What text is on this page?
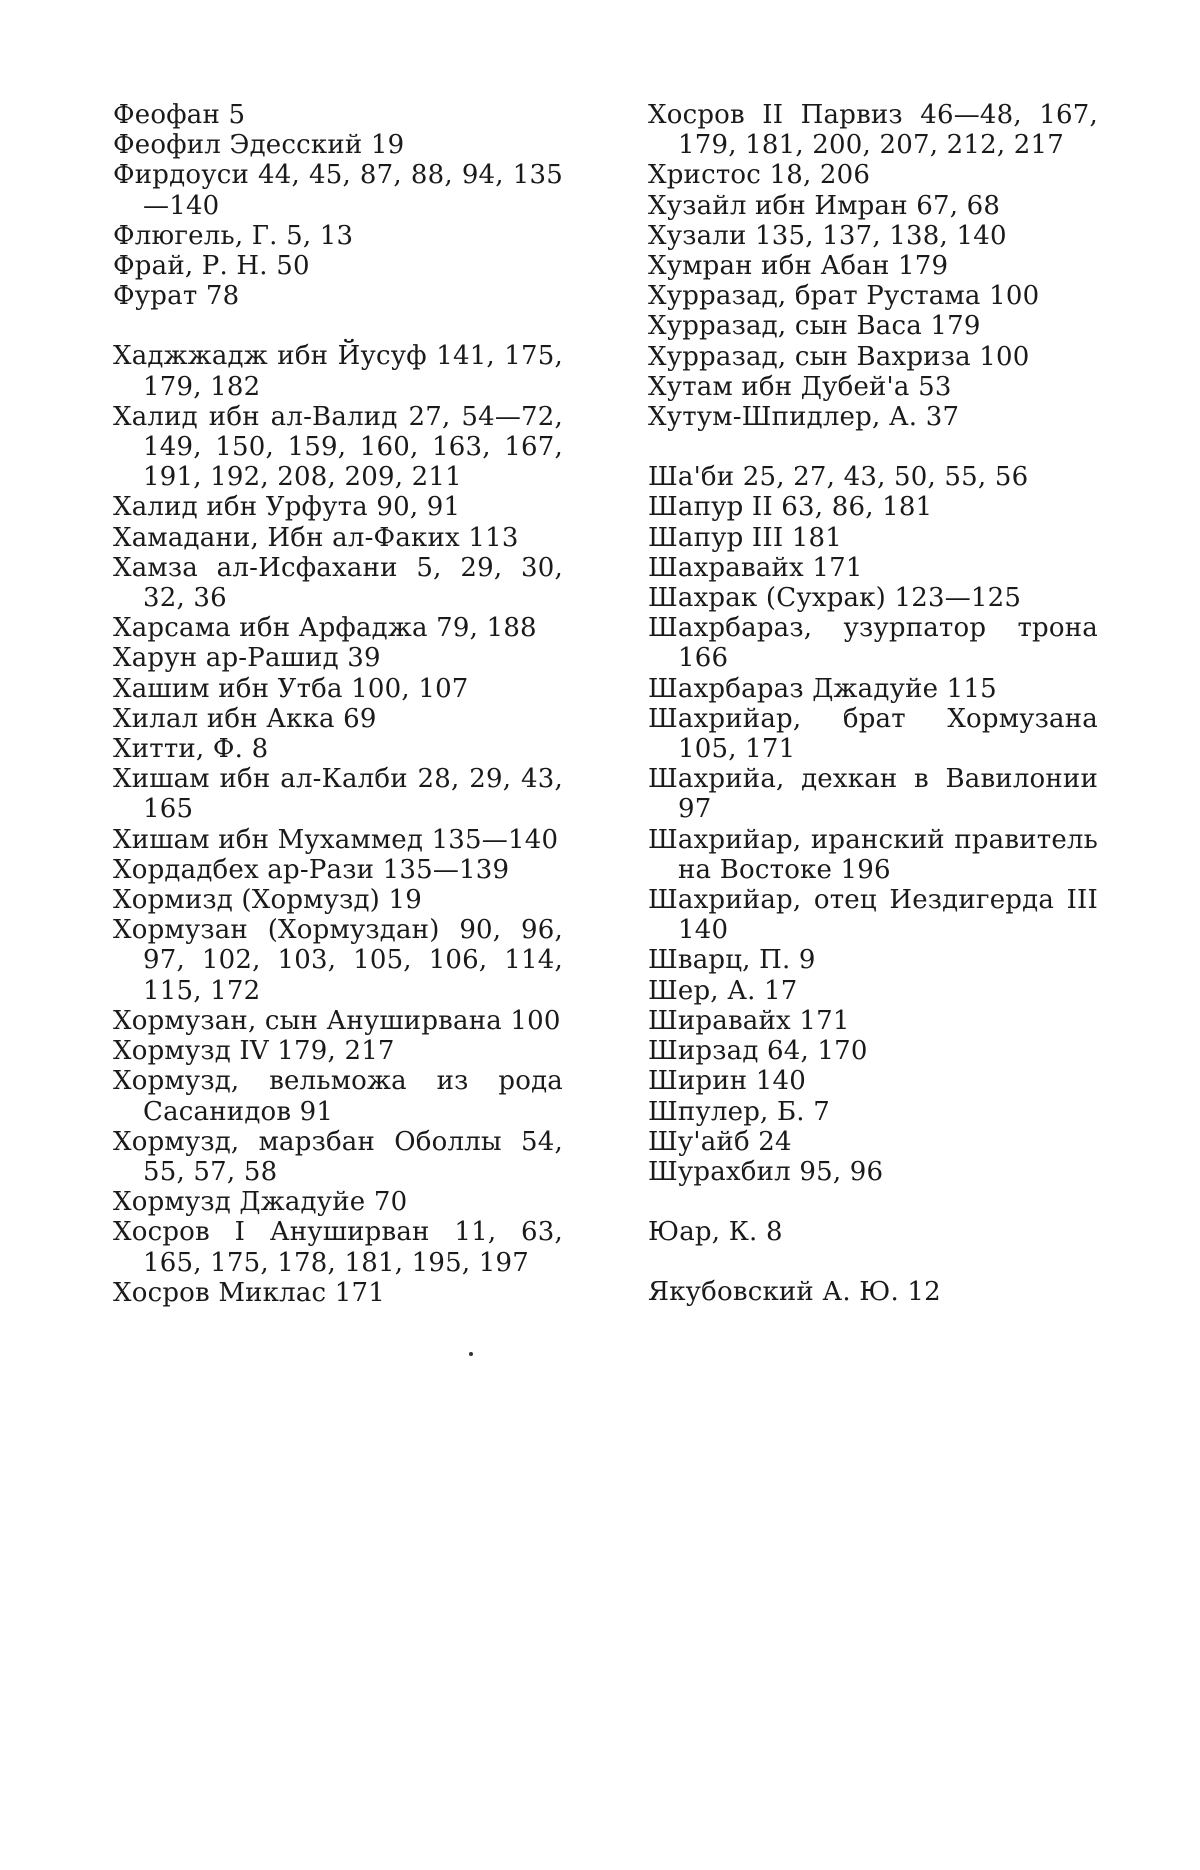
Феофан 5
Феофил Эдесский 19
Фирдоуси 44, 45, 87, 88, 94, 135—140
Флюгель, Г. 5, 13
Фрай, Р. Н. 50
Фурат 78
Хаджжадж ибн Йусуф 141, 175, 179, 182
Халид ибн ал-Валид 27, 54—72, 149, 150, 159, 160, 163, 167, 191, 192, 208, 209, 211
Халид ибн Урфута 90, 91
Хамадани, Ибн ал-Факих 113
Хамза ал-Исфахани 5, 29, 30, 32, 36
Харсама ибн Арфаджа 79, 188
Харун ар-Рашид 39
Хашим ибн Утба 100, 107
Хилал ибн Акка 69
Хитти, Ф. 8
Хишам ибн ал-Калби 28, 29, 43, 165
Хишам ибн Мухаммед 135—140
Хордадбех ар-Рази 135—139
Хормизд (Хормузд) 19
Хормузан (Хормуздан) 90, 96, 97, 102, 103, 105, 106, 114, 115, 172
Хормузан, сын Ануширвана 100
Хормузд IV 179, 217
Хормузд, вельможа из рода Сасанидов 91
Хормузд, марзбан Оболлы 54, 55, 57, 58
Хормузд Джадуйе 70
Хосров I Ануширван 11, 63, 165, 175, 178, 181, 195, 197
Хосров Миклас 171
Хосров II Парвиз 46—48, 167, 179, 181, 200, 207, 212, 217
Христос 18, 206
Хузайл ибн Имран 67, 68
Хузали 135, 137, 138, 140
Хумран ибн Абан 179
Хурразад, брат Рустама 100
Хурразад, сын Васа 179
Хурразад, сын Вахриза 100
Хутам ибн Дубей'а 53
Хутум-Шпидлер, А. 37
Ша'би 25, 27, 43, 50, 55, 56
Шапур II 63, 86, 181
Шапур III 181
Шахравайх 171
Шахрак (Сухрак) 123—125
Шахрбараз, узурпатор трона 166
Шахрбараз Джадуйе 115
Шахрийар, брат Хормузана 105, 171
Шахрийа, дехкан в Вавилонии 97
Шахрийар, иранский правитель на Востоке 196
Шахрийар, отец Иездигерда III 140
Шварц, П. 9
Шер, А. 17
Ширавайх 171
Ширзад 64, 170
Ширин 140
Шпулер, Б. 7
Шу'айб 24
Шурахбил 95, 96
Юар, К. 8
Якубовский А. Ю. 12
